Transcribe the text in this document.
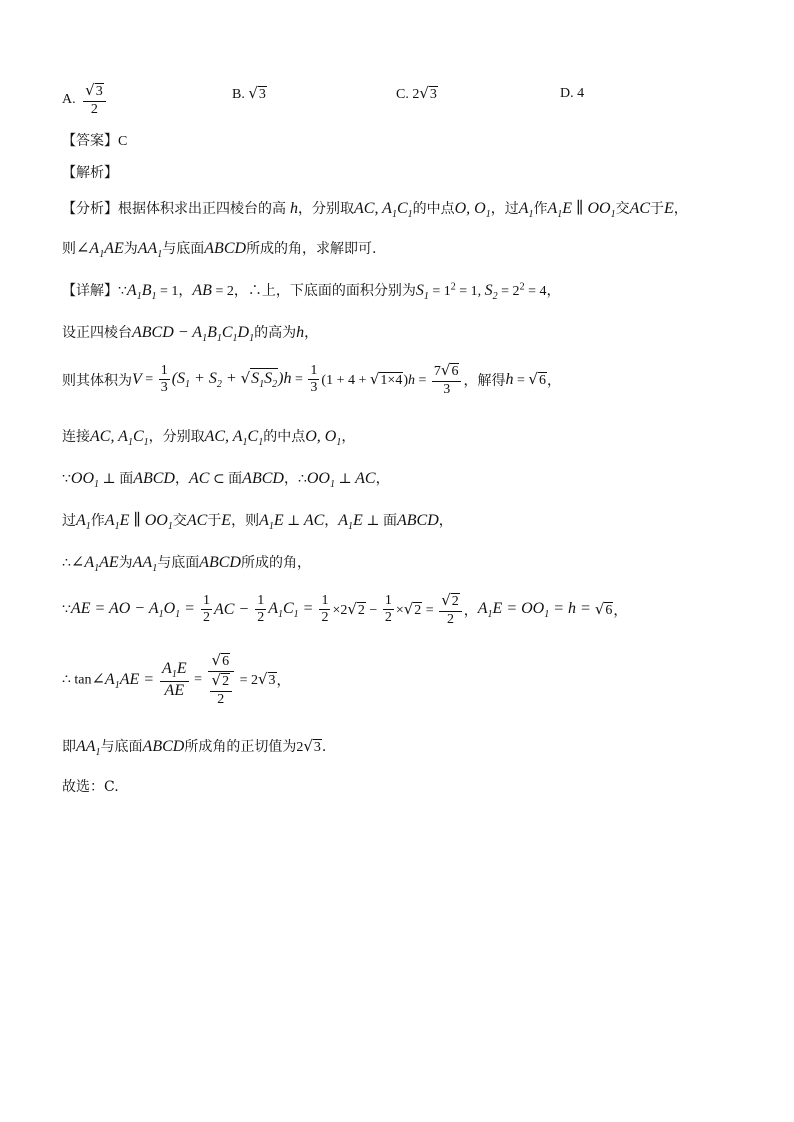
A. $\frac{√3}{2}$	B. √3	C. 2√3	D. 4
【答案】C
【解析】
【分析】根据体积求出正四棱台的高 h，分别取AC, $A_1C_1$的中点O, $O_1$，过$A_1$作$A_1E$ ∥ $OO_1$交AC于E，
则$\angle A_1AE$为$AA_1$与底面ABCD所成的角，求解即可.
【详解】$\because A_1B_1 = 1$，AB = 2，∴上，下底面的面积分别为$S_1 = 1^2 = 1$, $S_2 = 2^2 = 4$，
设正四棱台ABCD − $A_1B_1C_1D_1$的高为h，
则其体积为$V = \frac{1}{3} (S_1 + S_2 + √S_1S_2)h = \frac{1}{3} (1 + 4 + √1\times 4)h = \frac{7√6}{3}$ ，解得h = √6，
连接AC, $A_1C_1$，分别取AC, $A_1C_1$的中点O, $O_1$，
$\because OO_1$ ⊥ 面ABCD，AC ⊂ 面ABCD，$\therefore OO_1$ ⊥ AC，
过$A_1$作$A_1E$ ∥ $OO_1$交AC于E，则$A_1E$ ⊥ AC，$A_1E$ ⊥ 面ABCD，
$\therefore\angle A_1AE$为$AA_1$与底面ABCD所成的角，
∵AE = AO − $A_1O_1 = \frac{1}{2}$ AC − $\frac{1}{2} A_1C_1 = \frac{1}{2} \times 2√2 - \frac{1}{2} \times√2 = \frac{√2}{2}$ ，$A_1E = OO_1 = h = √6$，
∴ $\tan\angle A_1AE = \frac{A_1E}{AE} = \frac{√6}{\frac{√2}{2}} = 2√3$，
即$AA_1$与底面ABCD所成角的正切值为2√3.
故选：C.
